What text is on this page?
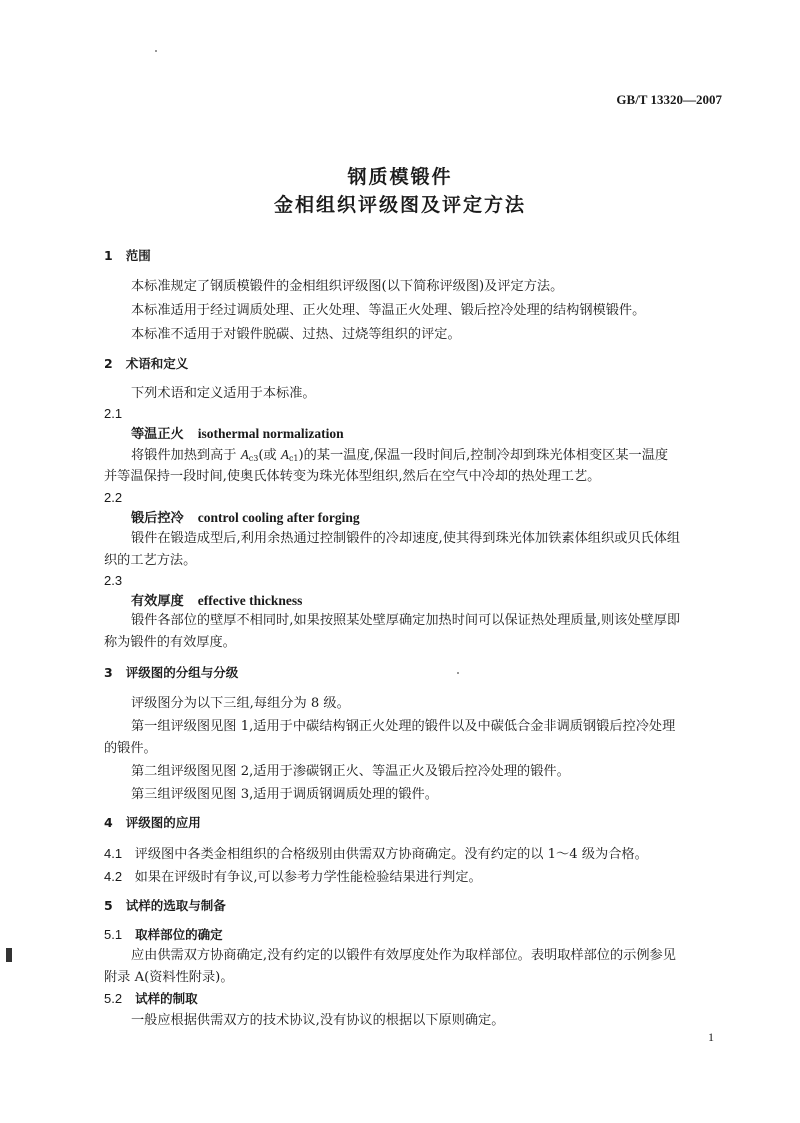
GB/T 13320—2007
钢质模锻件
金相组织评级图及评定方法
1 范围
本标准规定了钢质模锻件的金相组织评级图(以下简称评级图)及评定方法。
本标准适用于经过调质处理、正火处理、等温正火处理、锻后控冷处理的结构钢模锻件。
本标准不适用于对锻件脱碳、过热、过烧等组织的评定。
2 术语和定义
下列术语和定义适用于本标准。
2.1
等温正火 isothermal normalization
将锻件加热到高于 $A_{c3}$(或 $A_{c1}$)的某一温度,保温一段时间后,控制冷却到珠光体相变区某一温度
并等温保持一段时间,使奥氏体转变为珠光体型组织,然后在空气中冷却的热处理工艺。
2.2
锻后控冷 control cooling after forging
锻件在锻造成型后,利用余热通过控制锻件的冷却速度,使其得到珠光体加铁素体组织或贝氏体组
织的工艺方法。
2.3
有效厚度 effective thickness
锻件各部位的壁厚不相同时,如果按照某处壁厚确定加热时间可以保证热处理质量,则该处壁厚即
称为锻件的有效厚度。
3 评级图的分组与分级
评级图分为以下三组,每组分为 8 级。
第一组评级图见图 1,适用于中碳结构钢正火处理的锻件以及中碳低合金非调质钢锻后控冷处理
的锻件。
第二组评级图见图 2,适用于渗碳钢正火、等温正火及锻后控冷处理的锻件。
第三组评级图见图 3,适用于调质钢调质处理的锻件。
4 评级图的应用
4.1 评级图中各类金相组织的合格级别由供需双方协商确定。没有约定的以 1～4 级为合格。
4.2 如果在评级时有争议,可以参考力学性能检验结果进行判定。
5 试样的选取与制备
5.1 取样部位的确定
应由供需双方协商确定,没有约定的以锻件有效厚度处作为取样部位。表明取样部位的示例参见
附录 A(资料性附录)。
5.2 试样的制取
一般应根据供需双方的技术协议,没有协议的根据以下原则确定。
1
